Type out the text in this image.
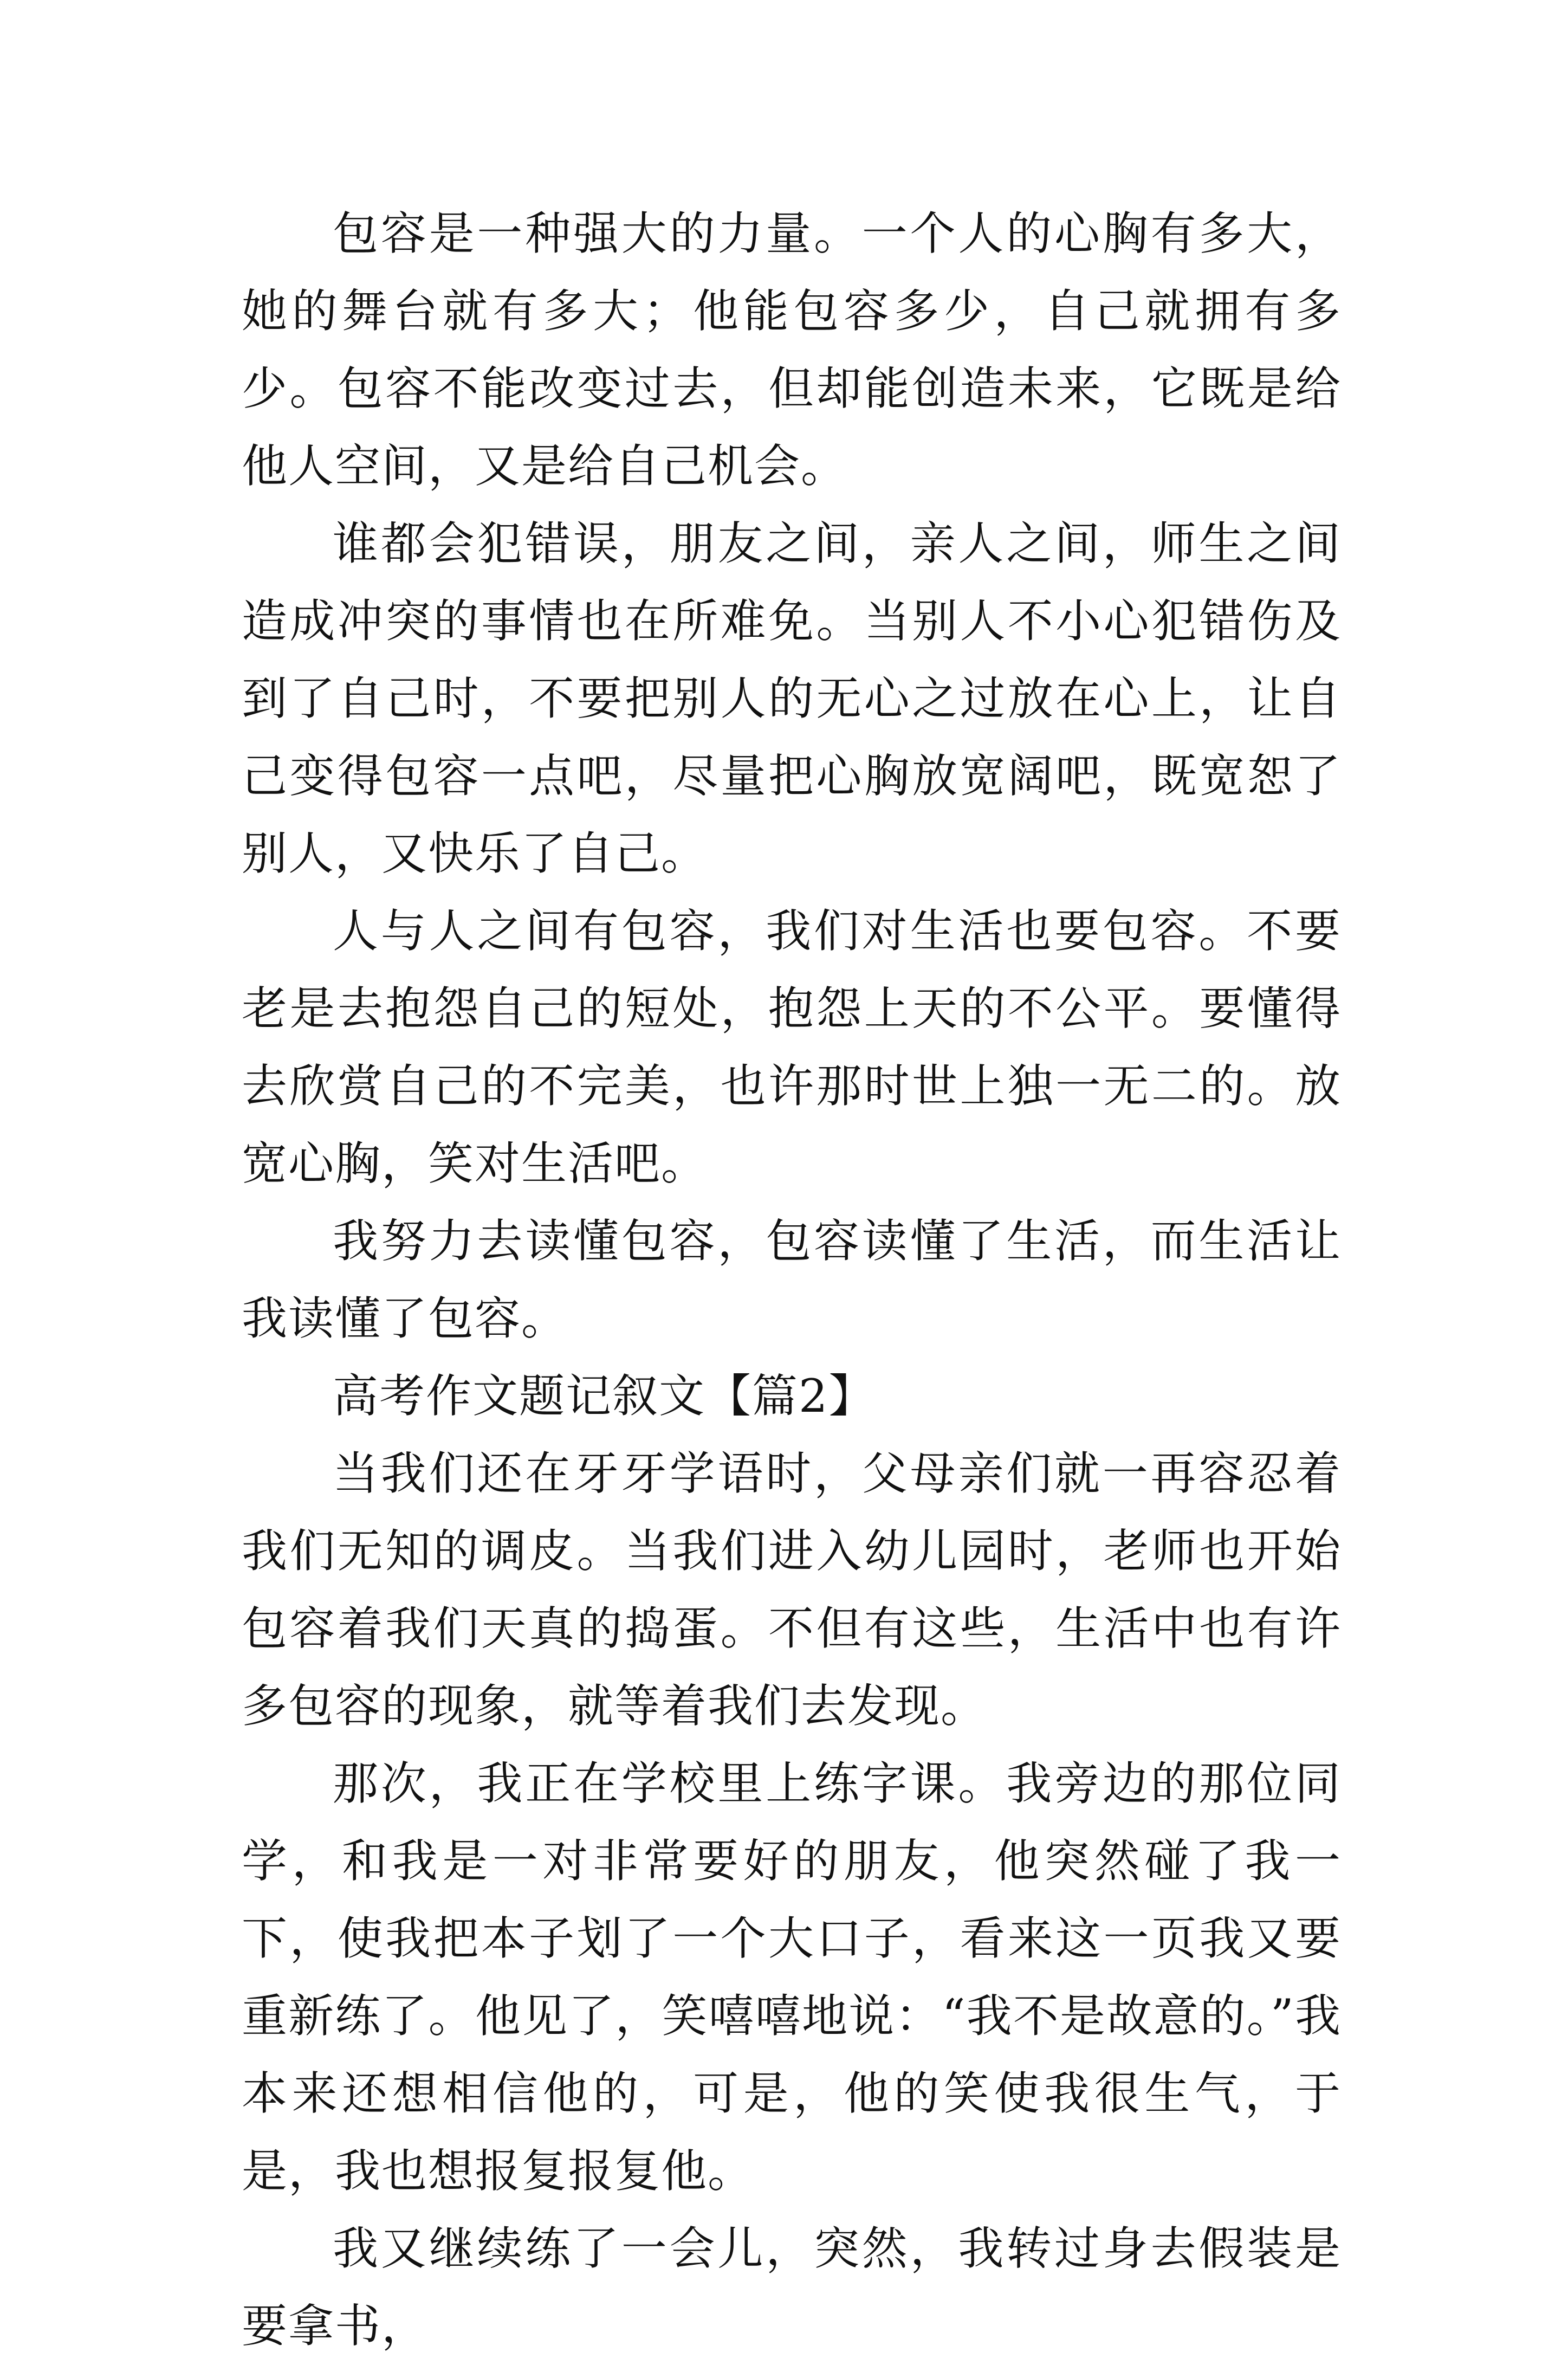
包容是一种强大的力量。一个人的心胸有多大，她的舞台就有多大；他能包容多少，自己就拥有多少。包容不能改变过去，但却能创造未来，它既是给他人空间，又是给自己机会。

谁都会犯错误，朋友之间，亲人之间，师生之间造成冲突的事情也在所难免。当别人不小心犯错伤及到了自己时，不要把别人的无心之过放在心上，让自己变得包容一点吧，尽量把心胸放宽阔吧，既宽恕了别人，又快乐了自己。

人与人之间有包容，我们对生活也要包容。不要老是去抱怨自己的短处，抱怨上天的不公平。要懂得去欣赏自己的不完美，也许那时世上独一无二的。放宽心胸，笑对生活吧。

我努力去读懂包容，包容读懂了生活，而生活让我读懂了包容。

高考作文题记叙文【篇2】

当我们还在牙牙学语时，父母亲们就一再容忍着我们无知的调皮。当我们进入幼儿园时，老师也开始包容着我们天真的捣蛋。不但有这些，生活中也有许多包容的现象，就等着我们去发现。

那次，我正在学校里上练字课。我旁边的那位同学，和我是一对非常要好的朋友，他突然碰了我一下，使我把本子划了一个大口子，看来这一页我又要重新练了。他见了，笑嘻嘻地说：“我不是故意的。”我本来还想相信他的，可是，他的笑使我很生气，于是，我也想报复报复他。

我又继续练了一会儿，突然，我转过身去假装是要拿书，
